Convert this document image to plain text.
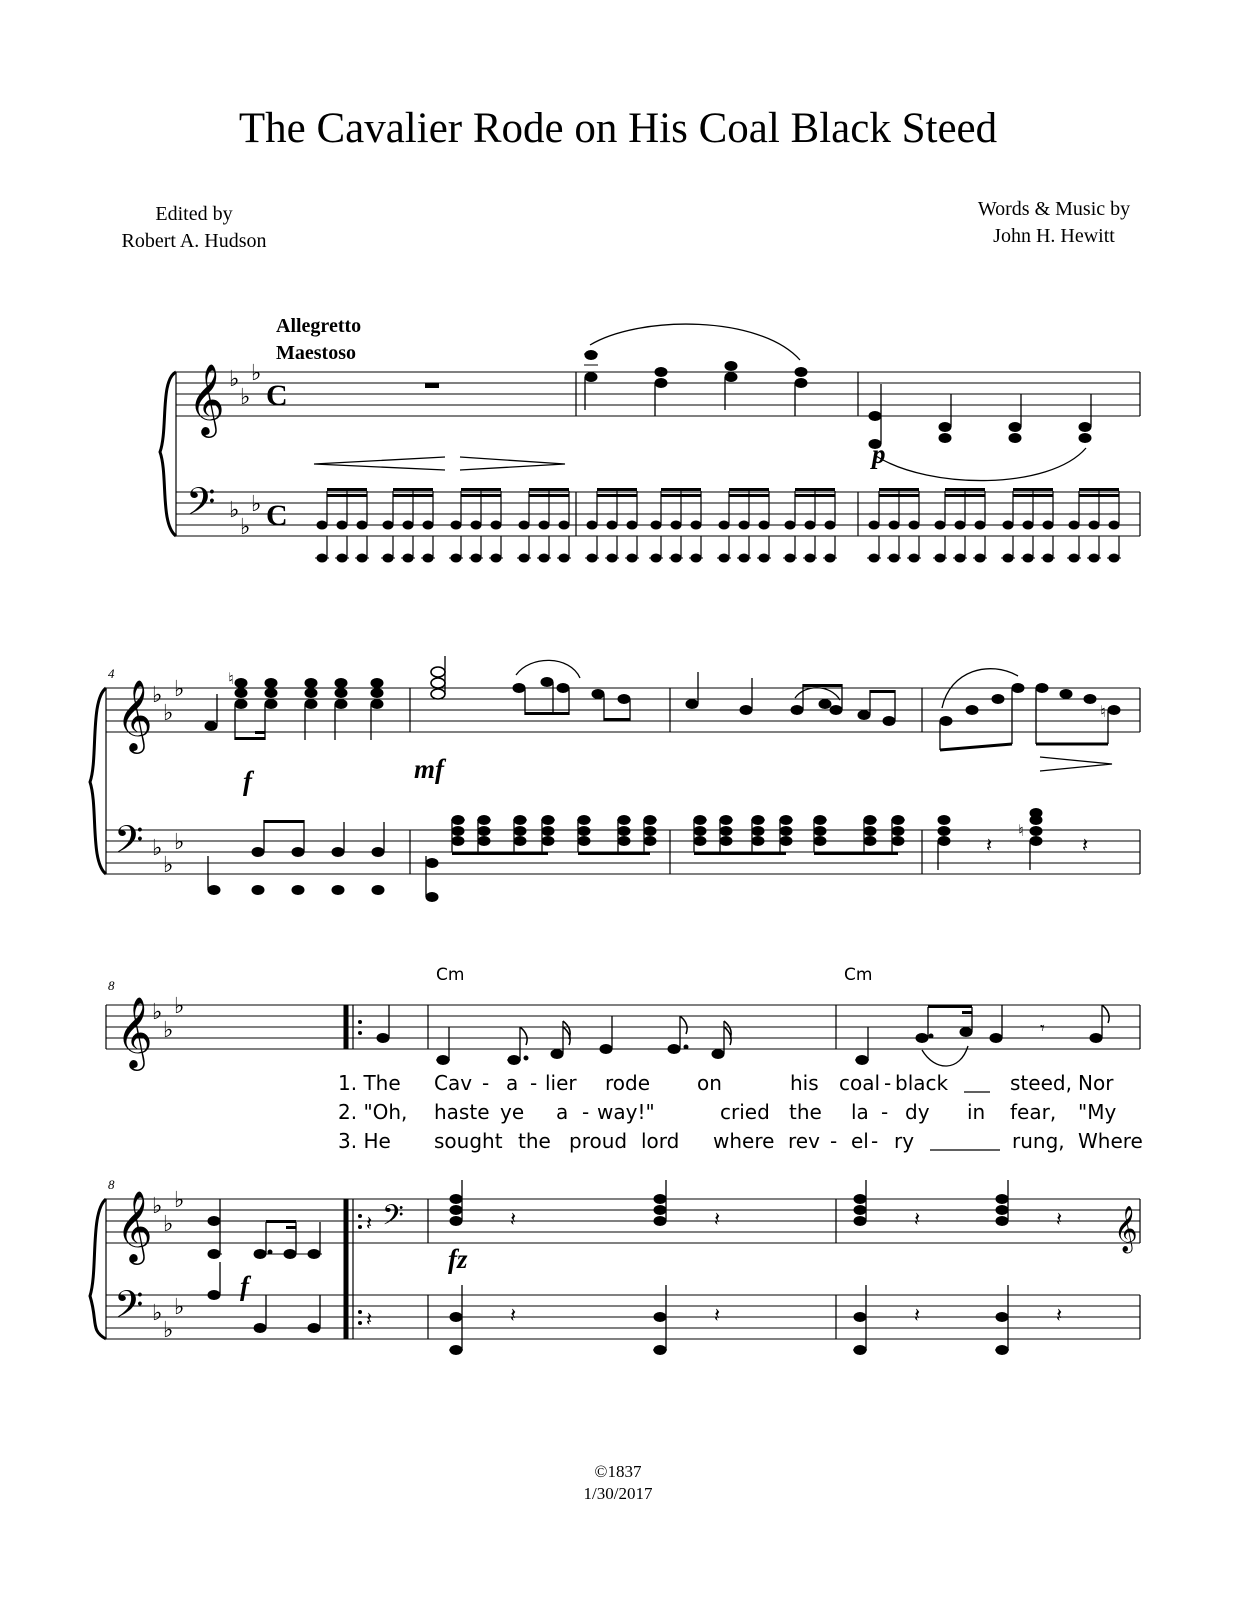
The Cavalier Rode on His Coal Black Steed
Edited by
Robert A. Hudson
Words & Music by
John H. Hewitt
Allegretto
Maestoso
𝄞
𝄢
♭
♭
♭
♭
♭
♭
C
C
p
4
𝄞
𝄢
♭
♭
♭
♭
♭
♭
♮
f	mf
♮
𝄽
♮
𝄽
8
𝄞 ♭
♭
♭
Cm	Cm
𝄾
1. The Cav - a - lier rode on	his coal - black	steed, Nor
2. "Oh, haste ye a - way!"	cried the la - dy in fear, "My
3. He sought the proud lord where rev - el - ry	rung, Where
8
𝄞
𝄢
𝄢	𝄞
♭
♭
♭
♭
♭
♭
f
fz
𝄽
𝄽
𝄽
𝄽
𝄽
𝄽
𝄽
𝄽
𝄽
𝄽
©1837
1/30/2017
